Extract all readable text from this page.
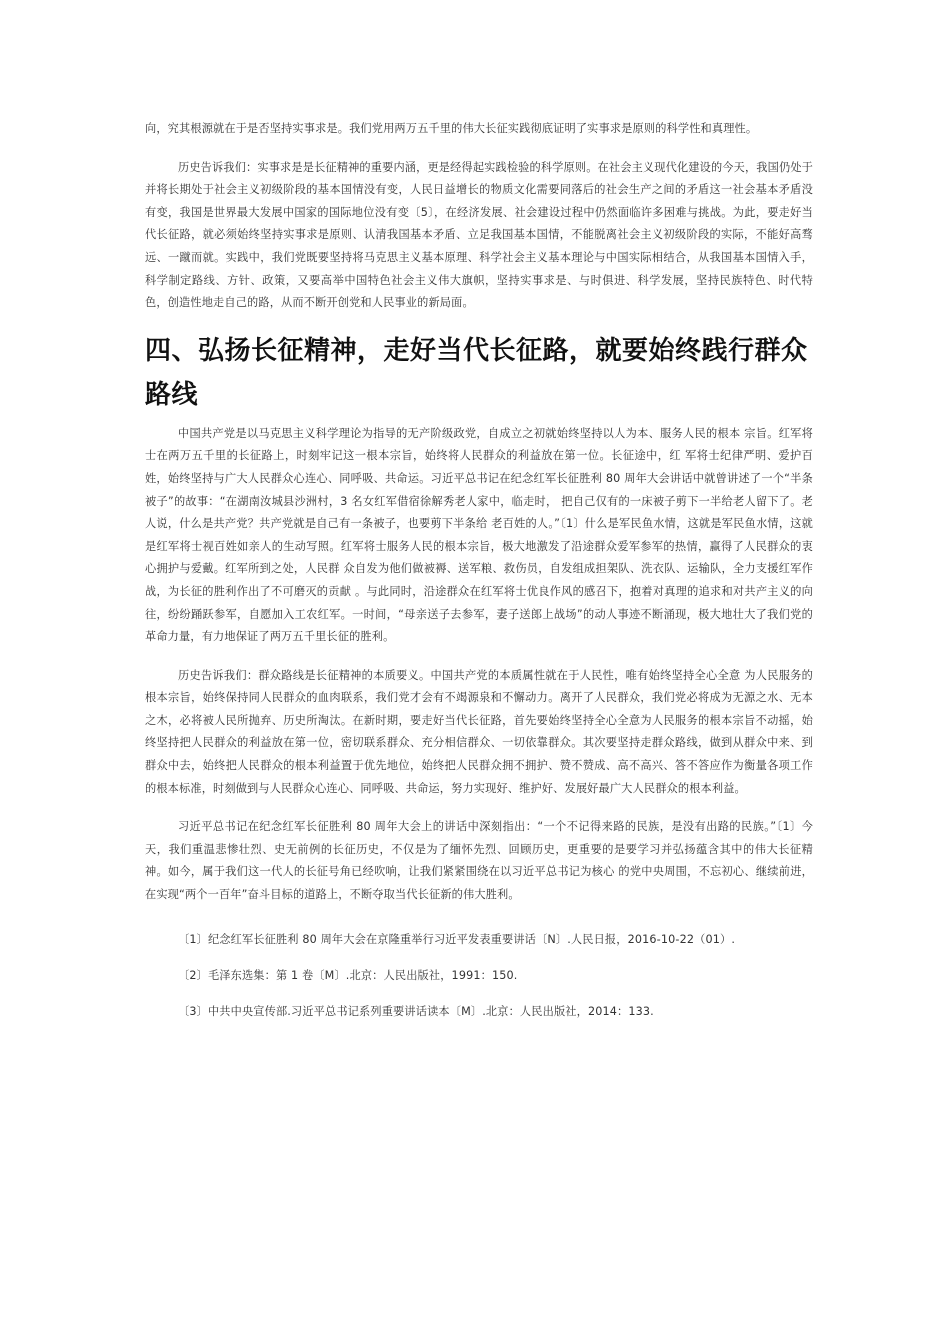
向，究其根源就在于是否坚持实事求是。我们党用两万五千里的伟大长征实践彻底证明了实事求是原则的科学性和真理性。

历史告诉我们：实事求是是长征精神的重要内涵，更是经得起实践检验的科学原则。在社会主义现代化建设的今天，我国仍处于并将长期处于社会主义初级阶段的基本国情没有变，人民日益增长的物质文化需要同落后的社会生产之间的矛盾这一社会基本矛盾没有变，我国是世界最大发展中国家的国际地位没有变〔5〕，在经济发展、社会建设过程中仍然面临许多困难与挑战。为此，要走好当代长征路，就必须始终坚持实事求是原则、认清我国基本矛盾、立足我国基本国情，不能脱离社会主义初级阶段的实际，不能好高骛远、一蹴而就。实践中，我们党既要坚持将马克思主义基本原理、科学社会主义基本理论与中国实际相结合，从我国基本国情入手，科学制定路线、方针、政策，又要高举中国特色社会主义伟大旗帜，坚持实事求是、与时俱进、科学发展，坚持民族特色、时代特色，创造性地走自己的路，从而不断开创党和人民事业的新局面。

四、弘扬长征精神，走好当代长征路，就要始终践行群众路线

中国共产党是以马克思主义科学理论为指导的无产阶级政党，自成立之初就始终坚持以人为本、服务人民的根本 宗旨。红军将士在两万五千里的长征路上，时刻牢记这一根本宗旨，始终将人民群众的利益放在第一位。长征途中，红 军将士纪律严明、爱护百姓，始终坚持与广大人民群众心连心、同呼吸、共命运。习近平总书记在纪念红军长征胜利 80 周年大会讲话中就曾讲述了一个“半条被子”的故事：“在湖南汝城县沙洲村，3 名女红军借宿徐解秀老人家中，临走时， 把自己仅有的一床被子剪下一半给老人留下了。老人说，什么是共产党？共产党就是自己有一条被子，也要剪下半条给 老百姓的人。”〔1〕什么是军民鱼水情，这就是军民鱼水情，这就是红军将士视百姓如亲人的生动写照。红军将士服务人民的根本宗旨，极大地激发了沿途群众爱军参军的热情，赢得了人民群众的衷心拥护与爱戴。红军所到之处，人民群 众自发为他们做被褥、送军粮、救伤员，自发组成担架队、洗衣队、运输队，全力支援红军作战，为长征的胜利作出了不可磨灭的贡献 。与此同时，沿途群众在红军将士优良作风的感召下，抱着对真理的追求和对共产主义的向往，纷纷踊跃参军，自愿加入工农红军。一时间，“母亲送子去参军，妻子送郎上战场”的动人事迹不断涌现，极大地壮大了我们党的革命力量，有力地保证了两万五千里长征的胜利。

历史告诉我们：群众路线是长征精神的本质要义。中国共产党的本质属性就在于人民性，唯有始终坚持全心全意 为人民服务的根本宗旨，始终保持同人民群众的血肉联系，我们党才会有不竭源泉和不懈动力。离开了人民群众，我们党必将成为无源之水、无本之木，必将被人民所抛弃、历史所淘汰。在新时期，要走好当代长征路，首先要始终坚持全心全意为人民服务的根本宗旨不动摇，始终坚持把人民群众的利益放在第一位，密切联系群众、充分相信群众、一切依靠群众。其次要坚持走群众路线，做到从群众中来、到群众中去，始终把人民群众的根本利益置于优先地位，始终把人民群众拥不拥护、赞不赞成、高不高兴、答不答应作为衡量各项工作的根本标准，时刻做到与人民群众心连心、同呼吸、共命运，努力实现好、维护好、发展好最广大人民群众的根本利益。

习近平总书记在纪念红军长征胜利 80 周年大会上的讲话中深刻指出：“一个不记得来路的民族，是没有出路的民族。”〔1〕今天，我们重温悲惨壮烈、史无前例的长征历史，不仅是为了缅怀先烈、回顾历史，更重要的是要学习并弘扬蕴含其中的伟大长征精神。如今，属于我们这一代人的长征号角已经吹响，让我们紧紧围绕在以习近平总书记为核心 的党中央周围，不忘初心、继续前进，在实现“两个一百年”奋斗目标的道路上，不断夺取当代长征新的伟大胜利。

〔1〕纪念红军长征胜利 80 周年大会在京隆重举行习近平发表重要讲话〔N〕.人民日报，2016-10-22（01）.

〔2〕毛泽东选集：第 1 卷〔M〕.北京：人民出版社，1991：150.

〔3〕中共中央宣传部.习近平总书记系列重要讲话读本〔M〕.北京：人民出版社，2014：133.
